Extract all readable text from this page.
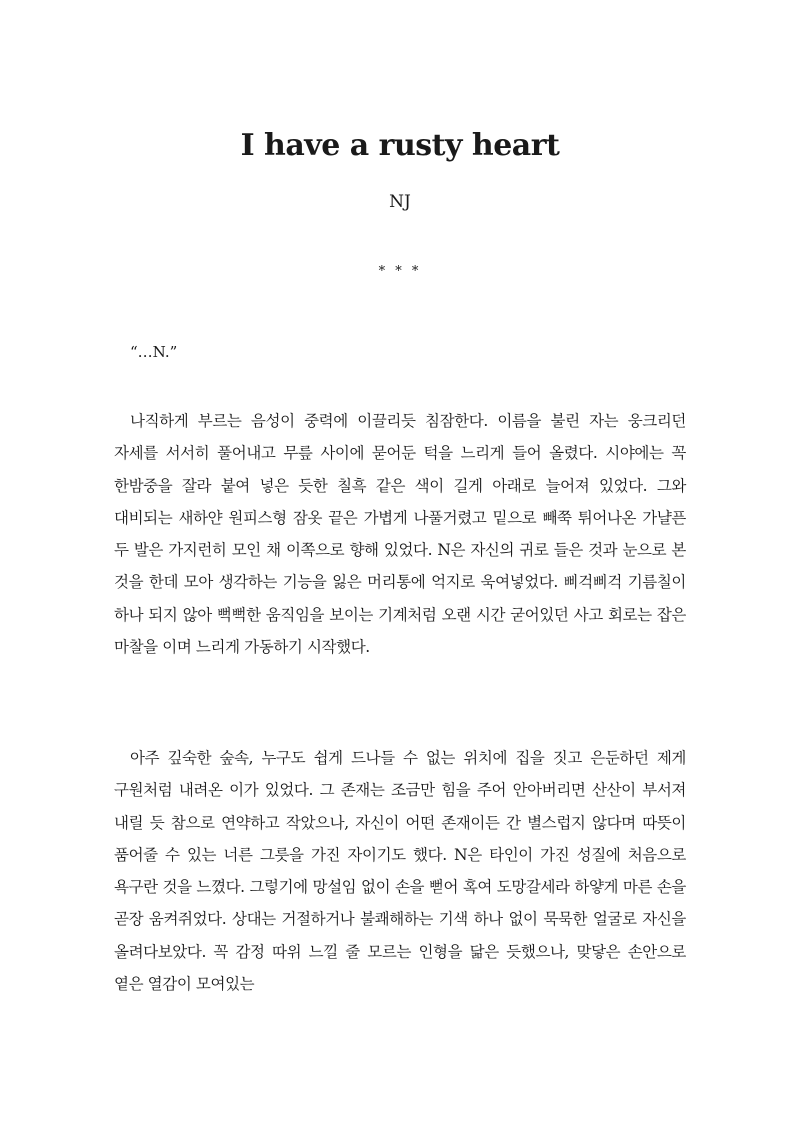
I have a rusty heart

NJ

* * *

“…N.”

나직하게 부르는 음성이 중력에 이끌리듯 침잠한다. 이름을 불린 자는 웅크리던 자세를 서서히 풀어내고 무릎 사이에 묻어둔 턱을 느리게 들어 올렸다. 시야에는 꼭 한밤중을 잘라 붙여 넣은 듯한 칠흑 같은 색이 길게 아래로 늘어져 있었다. 그와 대비되는 새하얀 원피스형 잠옷 끝은 가볍게 나풀거렸고 밑으로 빼쭉 튀어나온 가냘픈 두 발은 가지런히 모인 채 이쪽으로 향해 있었다. N은 자신의 귀로 들은 것과 눈으로 본 것을 한데 모아 생각하는 기능을 잃은 머리통에 억지로 욱여넣었다. 삐걱삐걱 기름칠이 하나 되지 않아 뻑뻑한 움직임을 보이는 기계처럼 오랜 시간 굳어있던 사고 회로는 잡은 마찰을 이며 느리게 가동하기 시작했다.

아주 깊숙한 숲속, 누구도 쉽게 드나들 수 없는 위치에 집을 짓고 은둔하던 제게 구원처럼 내려온 이가 있었다. 그 존재는 조금만 힘을 주어 안아버리면 산산이 부서져 내릴 듯 참으로 연약하고 작았으나, 자신이 어떤 존재이든 간 별스럽지 않다며 따뜻이 품어줄 수 있는 너른 그릇을 가진 자이기도 했다. N은 타인이 가진 성질에 처음으로 욕구란 것을 느꼈다. 그렇기에 망설임 없이 손을 뻗어 혹여 도망갈세라 하얗게 마른 손을 곧장 움켜쥐었다. 상대는 거절하거나 불쾌해하는 기색 하나 없이 묵묵한 얼굴로 자신을 올려다보았다. 꼭 감정 따위 느낄 줄 모르는 인형을 닮은 듯했으나, 맞닿은 손안으로 옅은 열감이 모여있는
